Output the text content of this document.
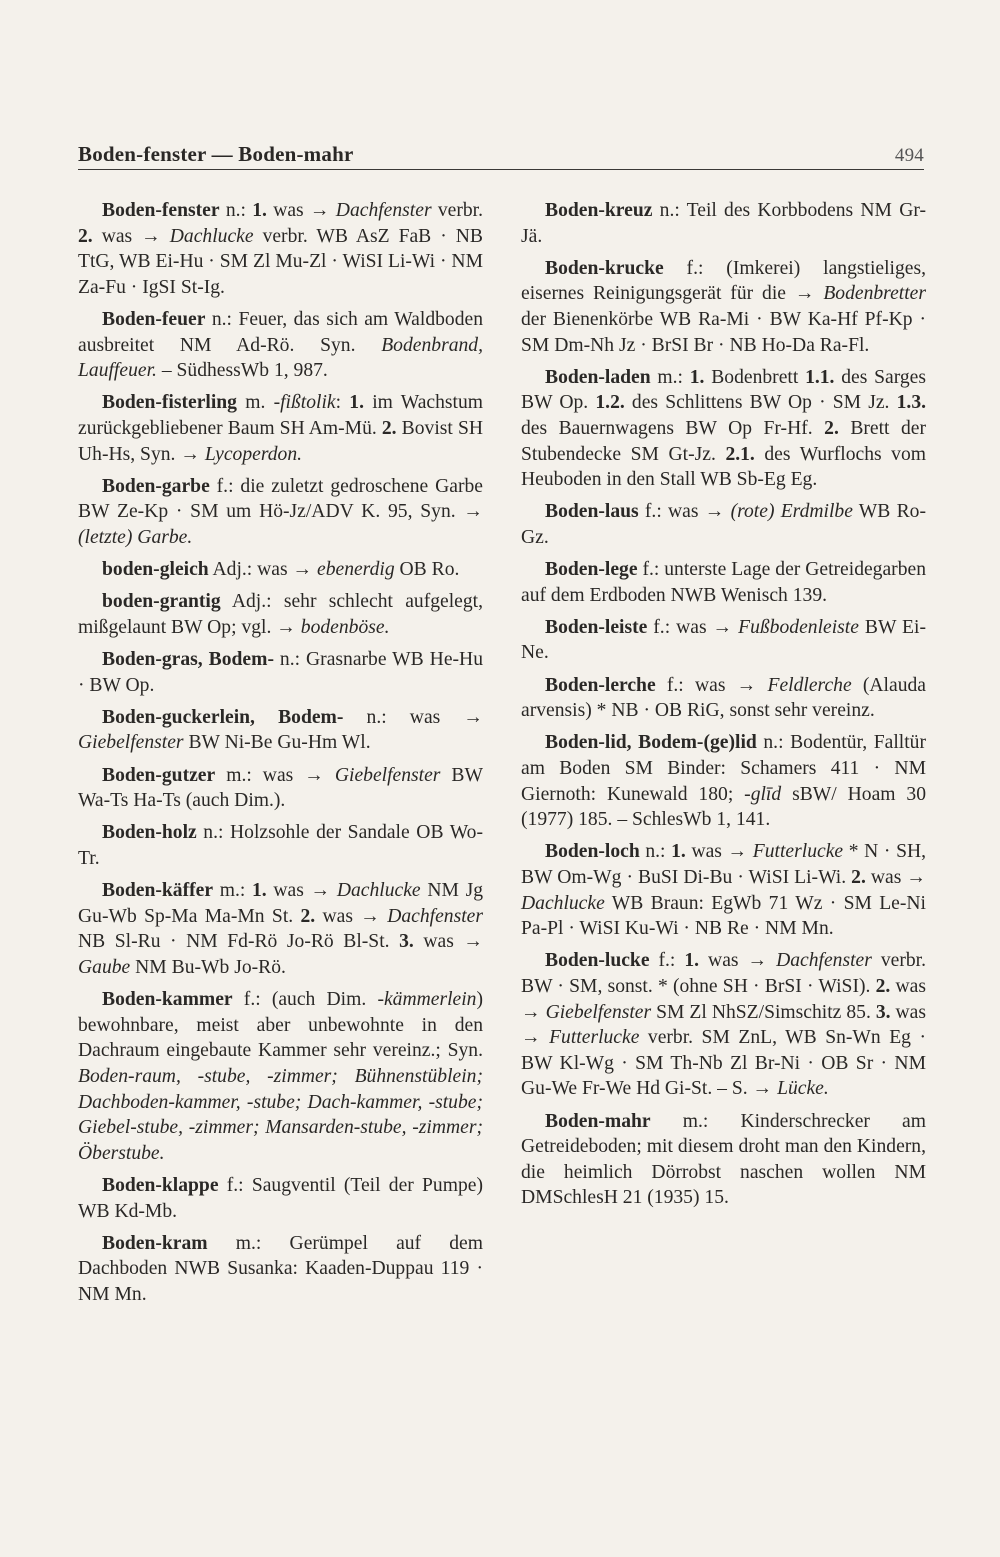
Boden-fenster — Boden-mahr	494

Boden-fenster n.: 1. was → Dachfenster verbr. 2. was → Dachlucke verbr. WB AsZ FaB · NB TtG, WB Ei-Hu · SM Zl Mu-Zl · WiSI Li-Wi · NM Za-Fu · IgSI St-Ig.

Boden-feuer n.: Feuer, das sich am Waldboden ausbreitet NM Ad-Rö. Syn. Bodenbrand, Lauffeuer. – SüdhessWb 1, 987.

Boden-fisterling m. -fißtolik: 1. im Wachstum zurückgebliebener Baum SH Am-Mü. 2. Bovist SH Uh-Hs, Syn. → Lycoperdon.

Boden-garbe f.: die zuletzt gedroschene Garbe BW Ze-Kp · SM um Hö-Jz/ADV K. 95, Syn. → (letzte) Garbe.

boden-gleich Adj.: was → ebenerdig OB Ro.

boden-grantig Adj.: sehr schlecht aufgelegt, mißgelaunt BW Op; vgl. → bodenböse.

Boden-gras, Bodem- n.: Grasnarbe WB He-Hu · BW Op.

Boden-guckerlein, Bodem- n.: was → Giebelfenster BW Ni-Be Gu-Hm Wl.

Boden-gutzer m.: was → Giebelfenster BW Wa-Ts Ha-Ts (auch Dim.).

Boden-holz n.: Holzsohle der Sandale OB Wo-Tr.

Boden-käffer m.: 1. was → Dachlucke NM Jg Gu-Wb Sp-Ma Ma-Mn St. 2. was → Dachfenster NB Sl-Ru · NM Fd-Rö Jo-Rö Bl-St. 3. was → Gaube NM Bu-Wb Jo-Rö.

Boden-kammer f.: (auch Dim. -kämmerlein) bewohnbare, meist aber unbewohnte in den Dachraum eingebaute Kammer sehr vereinz.; Syn. Boden-raum, -stube, -zimmer; Bühnenstüblein; Dachboden-kammer, -stube; Dach-kammer, -stube; Giebel-stube, -zimmer; Mansarden-stube, -zimmer; Öberstube.

Boden-klappe f.: Saugventil (Teil der Pumpe) WB Kd-Mb.

Boden-kram m.: Gerümpel auf dem Dachboden NWB Susanka: Kaaden-Duppau 119 · NM Mn.

Boden-kreuz n.: Teil des Korbbodens NM Gr-Jä.

Boden-krucke f.: (Imkerei) langstieliges, eisernes Reinigungsgerät für die → Bodenbretter der Bienenkörbe WB Ra-Mi · BW Ka-Hf Pf-Kp · SM Dm-Nh Jz · BrSI Br · NB Ho-Da Ra-Fl.

Boden-laden m.: 1. Bodenbrett 1.1. des Sarges BW Op. 1.2. des Schlittens BW Op · SM Jz. 1.3. des Bauernwagens BW Op Fr-Hf. 2. Brett der Stubendecke SM Gt-Jz. 2.1. des Wurflochs vom Heuboden in den Stall WB Sb-Eg Eg.

Boden-laus f.: was → (rote) Erdmilbe WB Ro-Gz.

Boden-lege f.: unterste Lage der Getreidegarben auf dem Erdboden NWB Wenisch 139.

Boden-leiste f.: was → Fußbodenleiste BW Ei-Ne.

Boden-lerche f.: was → Feldlerche (Alauda arvensis) * NB · OB RiG, sonst sehr vereinz.

Boden-lid, Bodem-(ge)lid n.: Bodentür, Falltür am Boden SM Binder: Schamers 411 · NM Giernoth: Kunewald 180; -glīd sBW/ Hoam 30 (1977) 185. – SchlesWb 1, 141.

Boden-loch n.: 1. was → Futterlucke * N · SH, BW Om-Wg · BuSI Di-Bu · WiSI Li-Wi. 2. was → Dachlucke WB Braun: EgWb 71 Wz · SM Le-Ni Pa-Pl · WiSI Ku-Wi · NB Re · NM Mn.

Boden-lucke f.: 1. was → Dachfenster verbr. BW · SM, sonst. * (ohne SH · BrSI · WiSI). 2. was → Giebelfenster SM Zl NhSZ/Simschitz 85. 3. was → Futterlucke verbr. SM ZnL, WB Sn-Wn Eg · BW Kl-Wg · SM Th-Nb Zl Br-Ni · OB Sr · NM Gu-We Fr-We Hd Gi-St. – S. → Lücke.

Boden-mahr m.: Kinderschrecker am Getreideboden; mit diesem droht man den Kindern, die heimlich Dörrobst naschen wollen NM DMSchlesH 21 (1935) 15.
